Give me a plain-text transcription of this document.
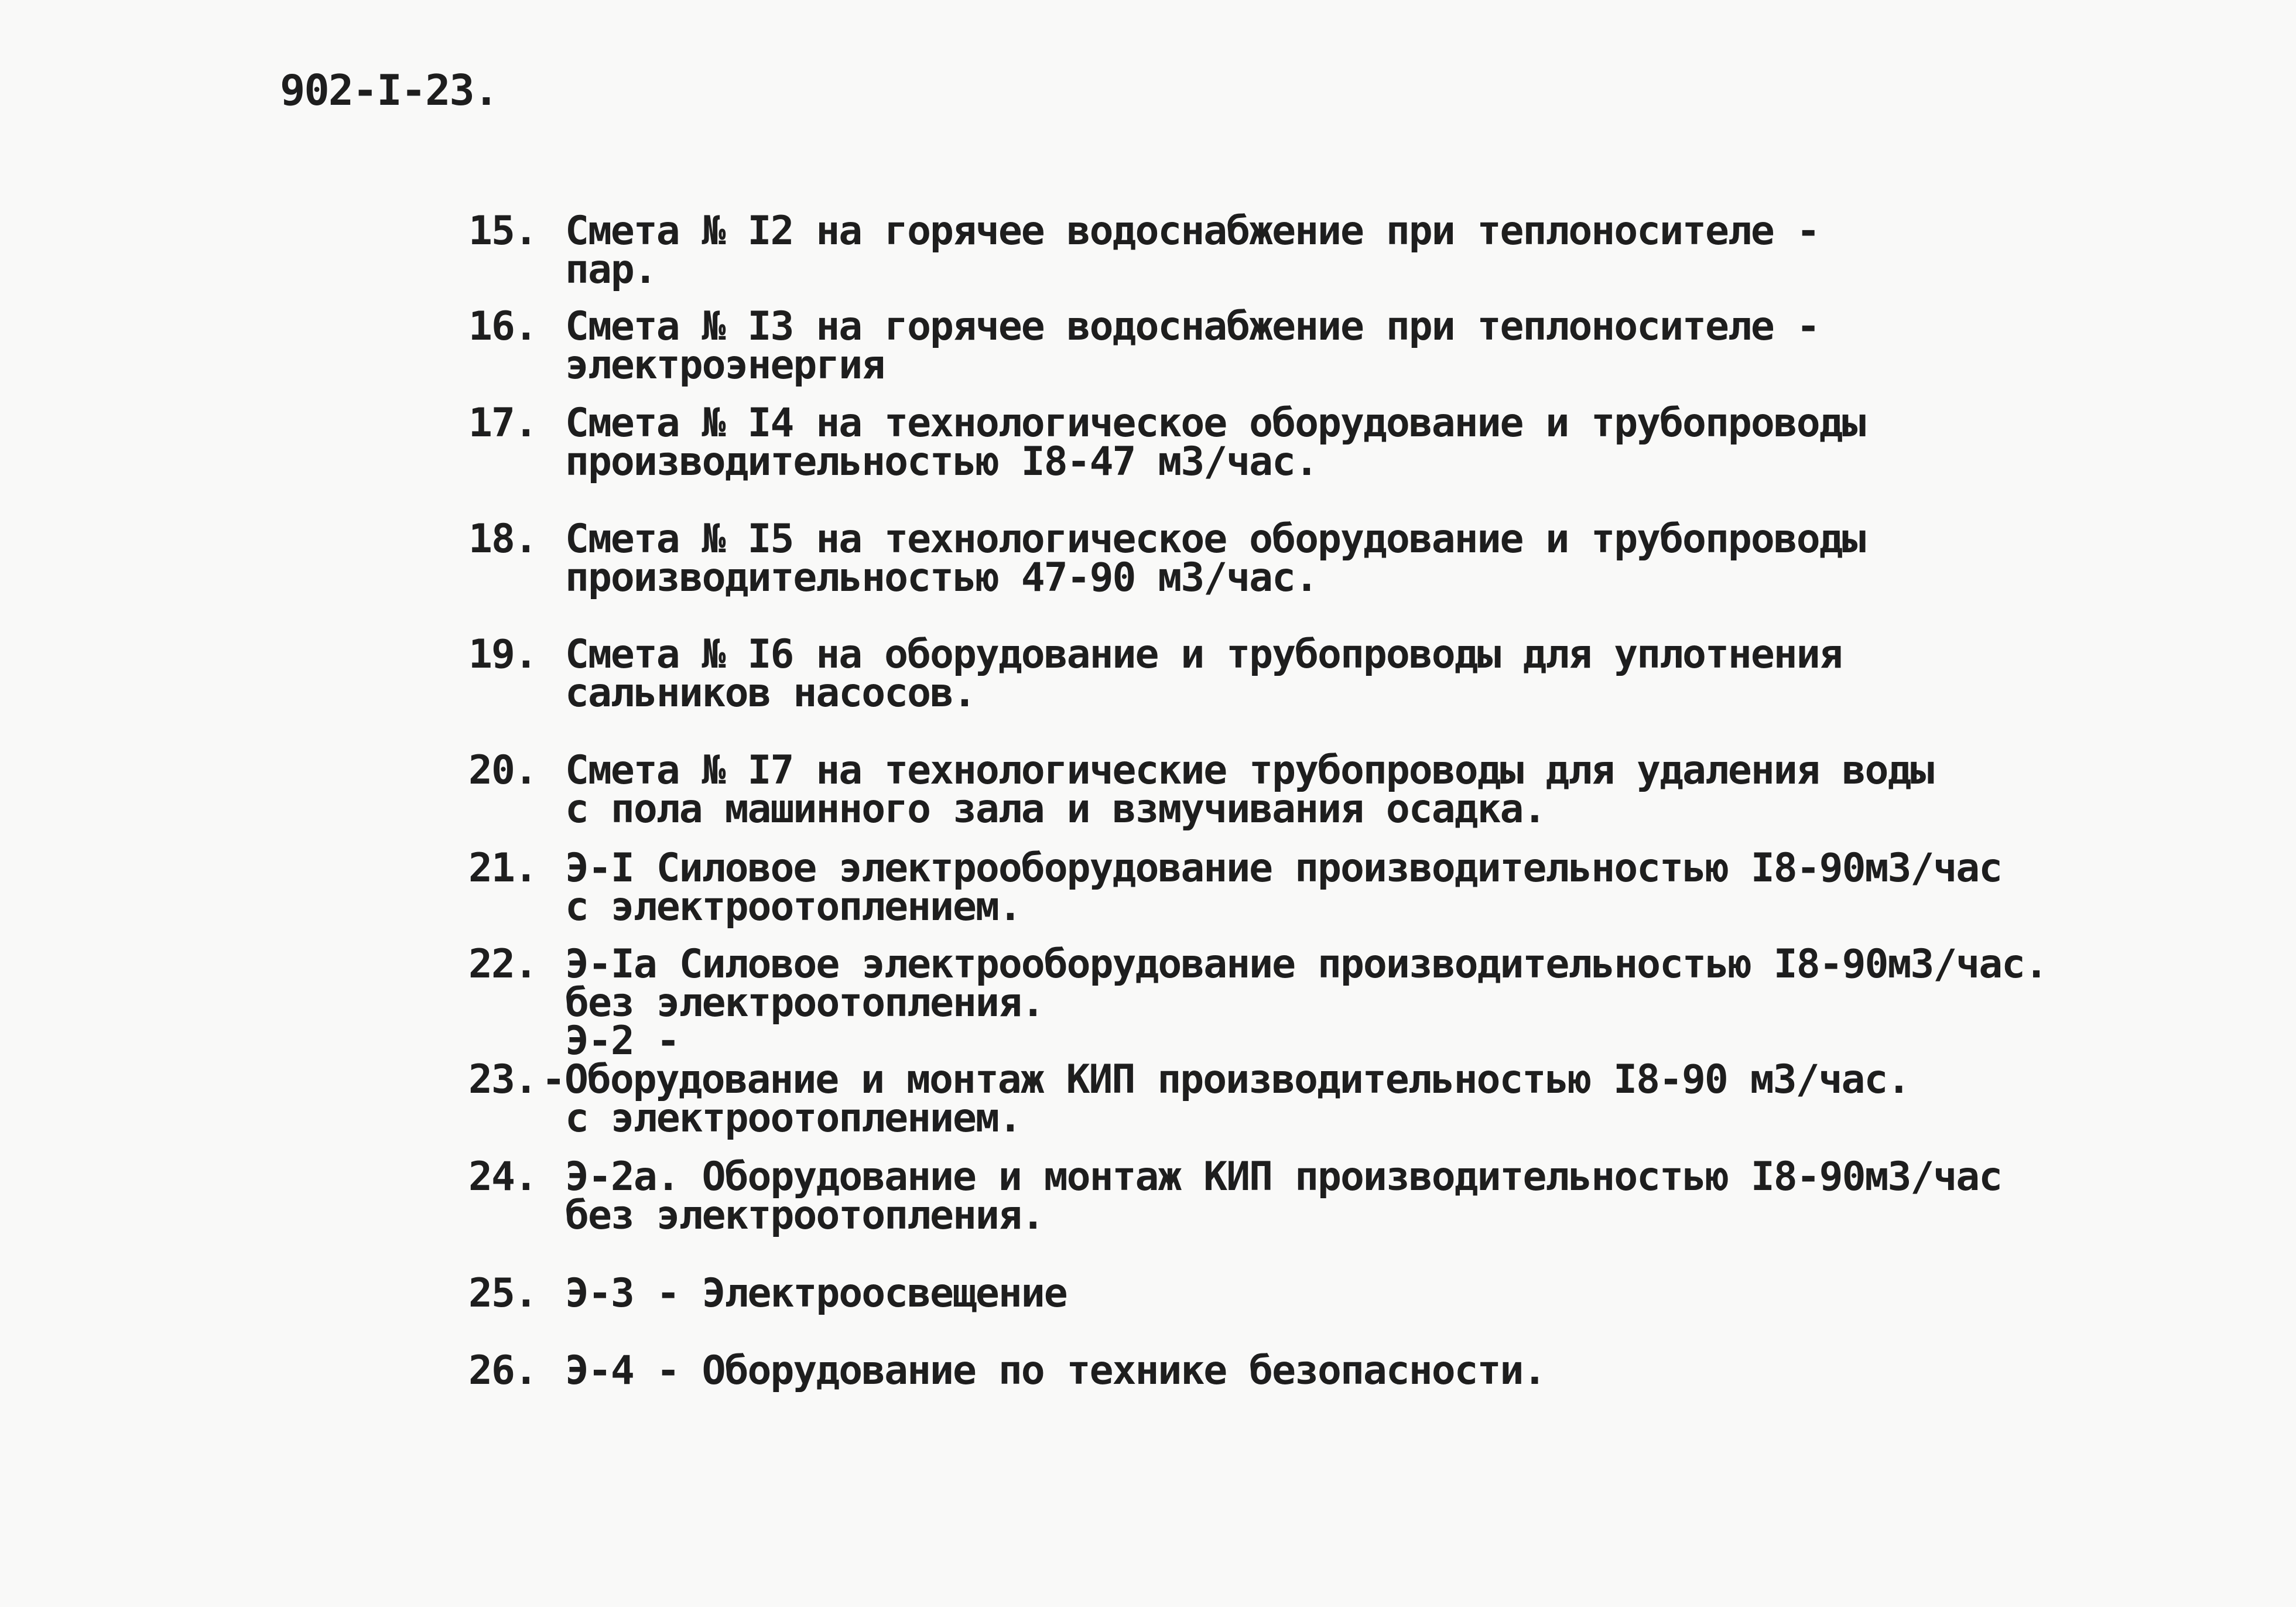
902-I-23.
15. Смета № I2 на горячее водоснабжение при теплоносителе -
пар.
16. Смета № I3 на горячее водоснабжение при теплоносителе -
электроэнергия
17. Смета № I4 на технологическое оборудование и трубопроводы
производительностью I8-47 м3/час.
18. Смета № I5 на технологическое оборудование и трубопроводы
производительностью 47-90 м3/час.
19. Смета № I6 на оборудование и трубопроводы для уплотнения
сальников насосов.
20. Смета № I7 на технологические трубопроводы для удаления воды
с пола машинного зала и взмучивания осадка.
21. Э-I Силовое электрооборудование производительностью I8-90м3/час
с электроотоплением.
22. Э-Iа Силовое электрооборудование производительностью I8-90м3/час.
без электроотопления.
Э-2 -
23. -Оборудование и монтаж КИП производительностью I8-90 м3/час.
с электроотоплением.
24. Э-2а. Оборудование и монтаж КИП производительностью I8-90м3/час
без электроотопления.
25. Э-3 - Электроосвещение
26. Э-4 - Оборудование по технике безопасности.
